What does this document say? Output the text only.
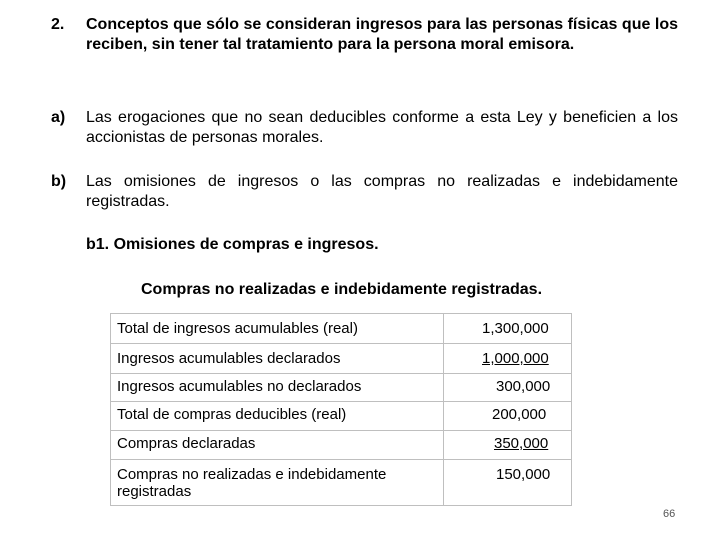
2. Conceptos que sólo se consideran ingresos para las personas físicas que los reciben, sin tener tal tratamiento para la persona moral emisora.
a) Las erogaciones que no sean deducibles conforme a esta Ley y beneficien a los accionistas de personas morales.
b) Las omisiones de ingresos o las compras no realizadas e indebidamente registradas.
b1. Omisiones de compras e ingresos.
Compras no realizadas e indebidamente registradas.
Total de ingresos acumulables (real)	1,300,000
Ingresos acumulables declarados	1,000,000
Ingresos acumulables no declarados	300,000
Total de compras deducibles (real)	200,000
Compras declaradas	350,000
Compras no realizadas e indebidamente registradas	150,000
66
